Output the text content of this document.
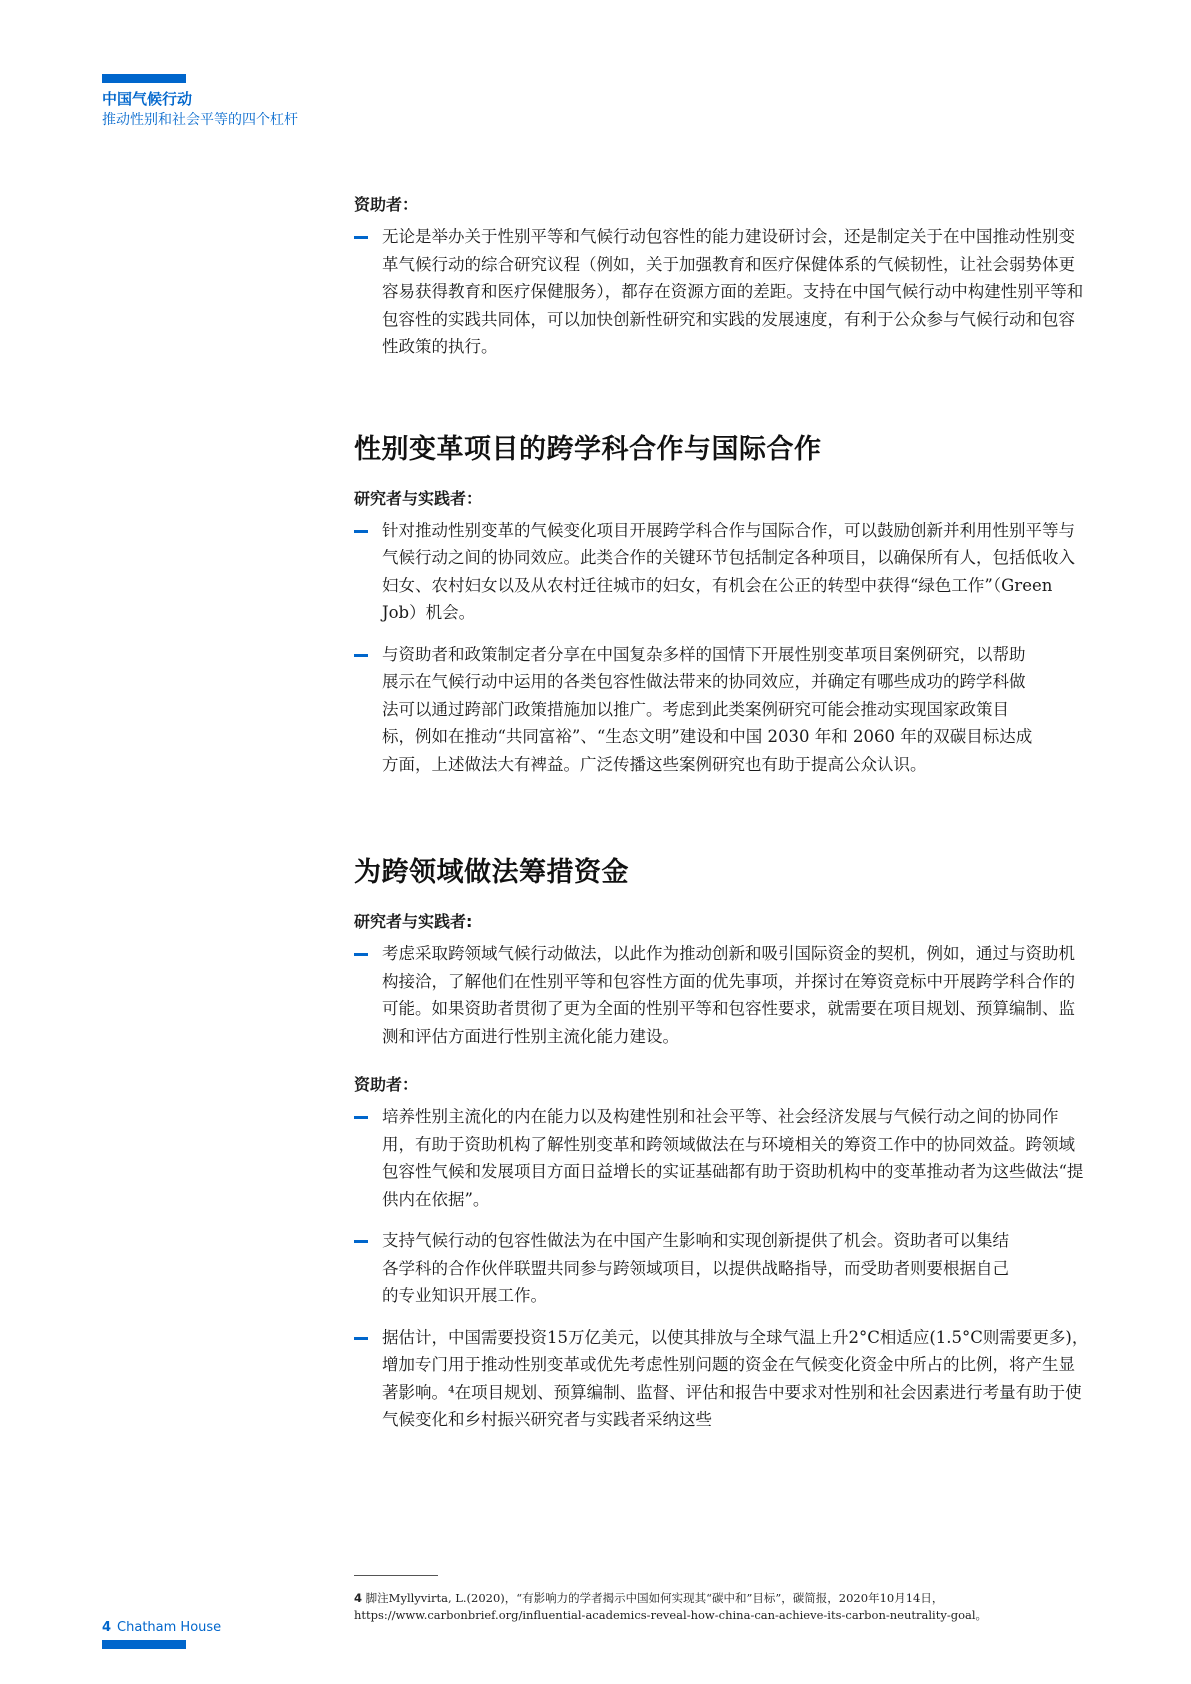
中国气候行动
推动性别和社会平等的四个杠杆
资助者：
无论是举办关于性别平等和气候行动包容性的能力建设研讨会，还是制定关于在中国推动性别变革气候行动的综合研究议程（例如，关于加强教育和医疗保健体系的气候韧性，让社会弱势体更容易获得教育和医疗保健服务），都存在资源方面的差距。支持在中国气候行动中构建性别平等和包容性的实践共同体，可以加快创新性研究和实践的发展速度，有利于公众参与气候行动和包容性政策的执行。
性别变革项目的跨学科合作与国际合作
研究者与实践者：
针对推动性别变革的气候变化项目开展跨学科合作与国际合作，可以鼓励创新并利用性别平等与气候行动之间的协同效应。此类合作的关键环节包括制定各种项目，以确保所有人，包括低收入妇女、农村妇女以及从农村迁往城市的妇女，有机会在公正的转型中获得“绿色工作”（Green Job）机会。
与资助者和政策制定者分享在中国复杂多样的国情下开展性别变革项目案例研究，以帮助展示在气候行动中运用的各类包容性做法带来的协同效应，并确定有哪些成功的跨学科做法可以通过跨部门政策措施加以推广。考虑到此类案例研究可能会推动实现国家政策目标，例如在推动“共同富裕”、“生态文明”建设和中国 2030 年和 2060 年的双碳目标达成方面，上述做法大有裨益。广泛传播这些案例研究也有助于提高公众认识。
为跨领域做法筹措资金
研究者与实践者:
考虑采取跨领域气候行动做法，以此作为推动创新和吸引国际资金的契机，例如，通过与资助机构接洽，了解他们在性别平等和包容性方面的优先事项，并探讨在筹资竞标中开展跨学科合作的可能。如果资助者贯彻了更为全面的性别平等和包容性要求，就需要在项目规划、预算编制、监测和评估方面进行性别主流化能力建设。
资助者：
培养性别主流化的内在能力以及构建性别和社会平等、社会经济发展与气候行动之间的协同作用，有助于资助机构了解性别变革和跨领域做法在与环境相关的筹资工作中的协同效益。跨领域包容性气候和发展项目方面日益增长的实证基础都有助于资助机构中的变革推动者为这些做法“提供内在依据”。
支持气候行动的包容性做法为在中国产生影响和实现创新提供了机会。资助者可以集结各学科的合作伙伴联盟共同参与跨领域项目，以提供战略指导，而受助者则要根据自己的专业知识开展工作。
据估计，中国需要投资15万亿美元，以使其排放与全球气温上升2°C相适应(1.5°C则需要更多)，增加专门用于推动性别变革或优先考虑性别问题的资金在气候变化资金中所占的比例，将产生显著影响。⁴在项目规划、预算编制、监督、评估和报告中要求对性别和社会因素进行考量有助于使气候变化和乡村振兴研究者与实践者采纳这些
4 脚注Myllyvirta, L.(2020)，“有影响力的学者揭示中国如何实现其“碳中和”目标”，碳简报，2020年10月14日，https://www.carbonbrief.org/influential-academics-reveal-how-china-can-achieve-its-carbon-neutrality-goal。
4 Chatham House
